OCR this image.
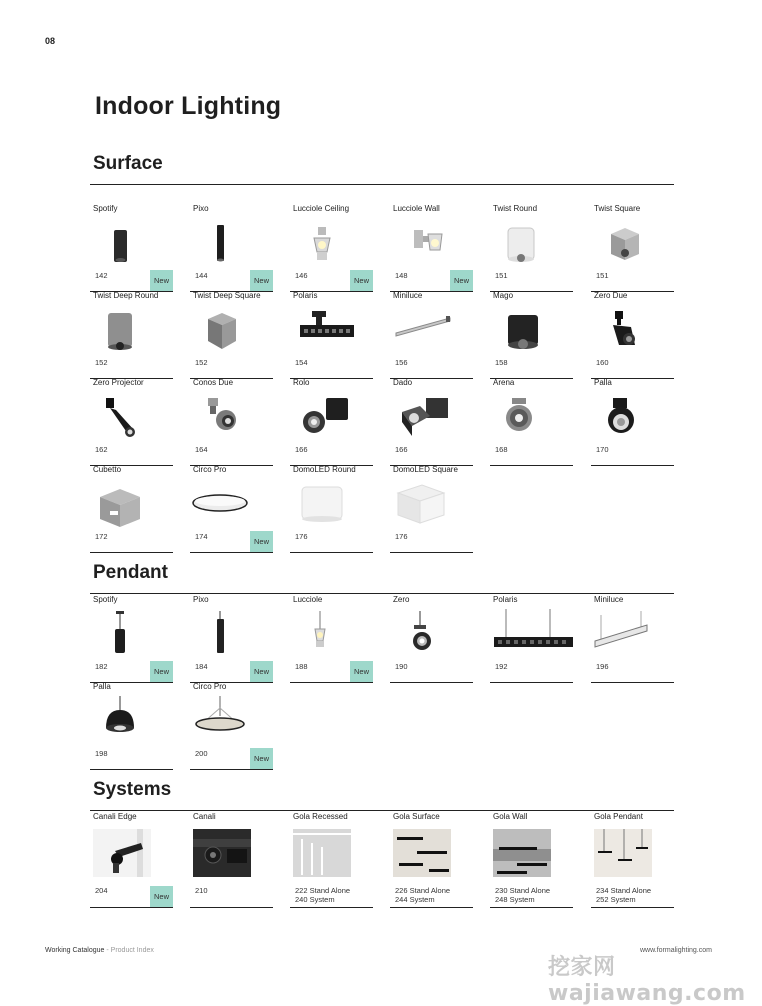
08
Indoor Lighting
Surface
Pendant
Systems
Spotify
142
New
Pixo
144
New
Lucciole Ceiling
146
New
Lucciole Wall
148
New
Twist Round
151
Twist Square
151
Twist Deep Round
152
Twist Deep Square
152
Polaris
154
Miniluce
156
Mago
158
Zero Due
160
Zero Projector
162
Conos Due
164
Rolo
166
Dado
166
Arena
168
Palla
170
Cubetto
172
Circo Pro
174
New
DomoLED Round
176
DomoLED Square
176
Spotify
182
New
Pixo
184
New
Lucciole
188
New
Zero
190
Polaris
192
Miniluce
196
Palla
198
Circo Pro
200
New
Canali Edge
204
New
Canali
210
Gola Recessed
222 Stand Alone
240 System
Gola Surface
226 Stand Alone
244 System
Gola Wall
230 Stand Alone
248 System
Gola Pendant
234 Stand Alone
252 System
Working Catalogue - Product Index	www.formalighting.com
挖家网 wajiawang.com
